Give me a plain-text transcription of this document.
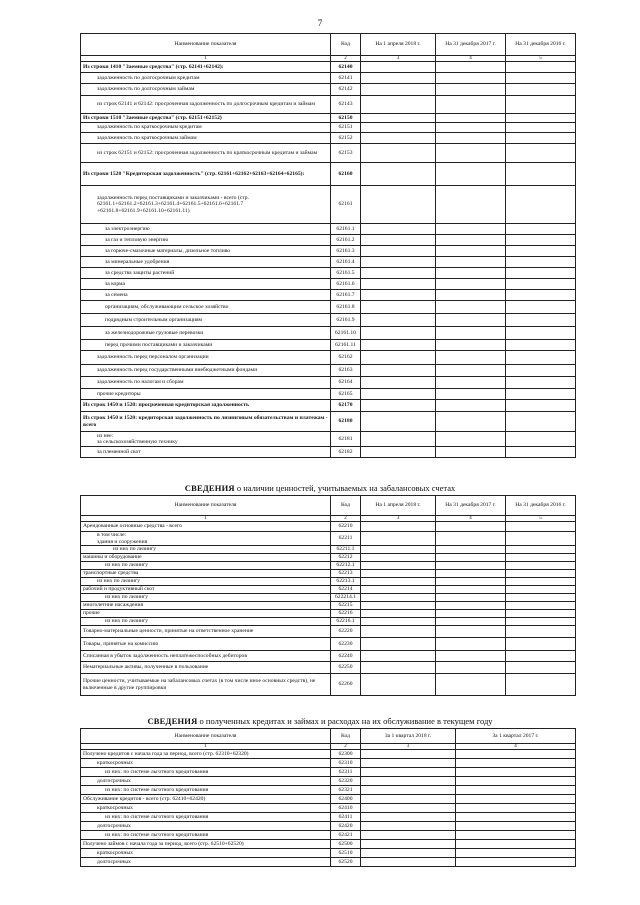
7
Наименование показателя	Код	На 1 апреля 2018 г.	На 31 декабря 2017 г.	На 31 декабря 2016 г.
1	2	3	4	5
Из строки 1410 "Заемные средства" (стр. 62141+62142):	62140			
задолженность по долгосрочным кредитам	62141			
задолженность по долгосрочным займам	62142			
из строк 62141 и 62142: просроченная задолженность по долгосрочным кредитам и займам	62143			
Из строки 1510 "Заемные средства" (стр. 62151+62152)	62150			
задолженность по краткосрочным кредитам	62151			
задолженность по краткосрочным займам	62152			
из строк 62151 и 62152: просроченная задолженность по краткосрочным кредитам и займам	62153			
Из строки 1520 "Кредиторская задолженность" (стр. 62161+62162+62163+62164+62165):	62160			
задолженность перед поставщиками и заказчиками - всего (стр. 62161.1+62161.2+62161.3+62161.4+62161.5+62161.6+62161.7 +62161.8+62161.9+62161.10+62161.11)	62161			
за электроэнергию	62161.1			
за газ и тепловую энергию	62161.2			
за горюче-смазочные материалы, дизельное топливо	62161.3			
за минеральные удобрения	62161.4			
за средства защиты растений	62161.5			
за корма	62161.6			
за семена	62161.7			
организациям, обслуживающим сельское хозяйство	62161.8			
подрядным строительным организациям	62161.9			
за железнодорожные грузовые перевозки	62161.10			
перед прочими поставщиками и заказчиками	62161.11			
задолженность перед персоналом организации	62162			
задолженность перед государственными внебюджетными фондами	62163			
задолженность по налогам и сборам	62164			
прочие кредиторы	62165			
Из строк 1450 и 1520: просроченная кредиторская задолженность	62170			
Из строк 1450 и 1520: кредиторская задолженность по лизинговым обязательствам и платежам - всего	62180			
из нее:
за сельскохозяйственную технику	62181			
за племенной скот	62182			
СВЕДЕНИЯ о наличии ценностей, учитываемых на забалансовых счетах
Наименование показателя	Код	На 1 апреля 2018 г.	На 31 декабря 2017 г.	На 31 декабря 2016 г.
1	2	3	4	5
Арендованные основные средства - всего	62210			
в том числе:
здания и сооружения	62211			
из них по лизингу	62211.1			
машины и оборудование	62212			
из них по лизингу	62212.1			
транспортные средства	62213			
из них по лизингу	62213.1			
рабочий и продуктивный скот	62214			
из них по лизингу	622214.1			
многолетние насаждения	62215			
прочие	62216			
из них по лизингу	62216.1			
Товарно-материальные ценности, принятые на ответственное хранение	62220			
Товары, принятые на комиссию	62230			
Списанная в убыток задолженность неплатежеспособных дебиторов	62240			
Нематериальные активы, полученные в пользование	62250			
Прочие ценности, учитываемые на забалансовых счетах (в том числе иное основных средств), не включенные в другие группировки	62260			
СВЕДЕНИЯ о полученных кредитах и займах и расходах на их обслуживание в текущем году
Наименование показателя	Код	За 1 квартал 2018 г.	За 1 квартал 2017 г.
1	2	3	4
Получено кредитов с начала года за период, всего (стр. 62310+62320)	62300		
краткосрочных	62310		
из них: по системе льготного кредитования	62311		
долгосрочных	62320		
из них: по системе льготного кредитования	62321		
Обслуживание кредитов - всего (стр. 62410+62420)	62400		
краткосрочных	62410		
из них: по системе льготного кредитования	62411		
долгосрочных	62420		
из них: по системе льготного кредитования	62421		
Получено займов с начала года за период, всего (стр. 62510+62520)	62500		
краткосрочных	62510		
долгосрочных	62520		
